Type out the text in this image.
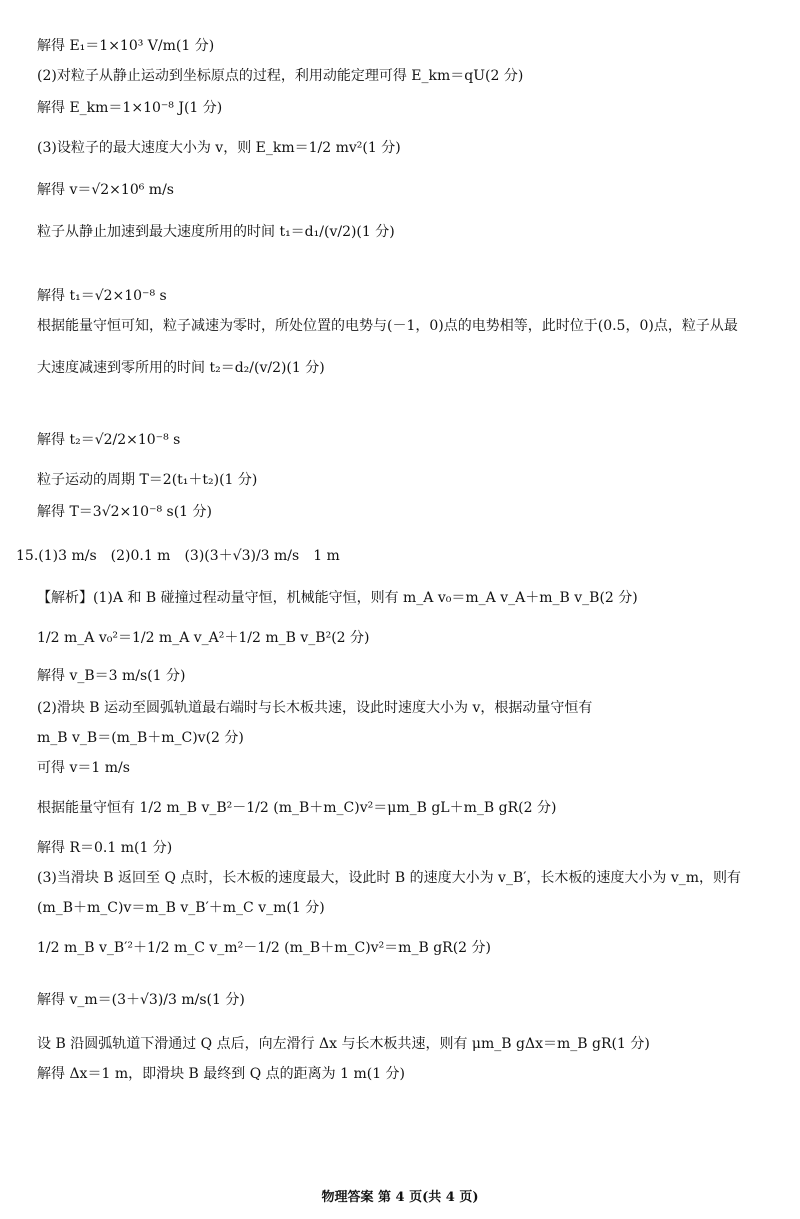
解得 E₁＝1×10³ V/m(1 分)
(2)对粒子从静止运动到坐标原点的过程，利用动能定理可得 E_km＝qU(2 分)
解得 E_km＝1×10⁻⁸ J(1 分)
(3)设粒子的最大速度大小为 v，则 E_km＝1/2 mv²(1 分)
解得 v＝√2×10⁶ m/s
粒子从静止加速到最大速度所用的时间 t₁＝d₁/(v/2)(1 分)
解得 t₁＝√2×10⁻⁸ s
根据能量守恒可知，粒子减速为零时，所处位置的电势与(－1，0)点的电势相等，此时位于(0.5，0)点，粒子从最
大速度减速到零所用的时间 t₂＝d₂/(v/2)(1 分)
解得 t₂＝√2/2×10⁻⁸ s
粒子运动的周期 T＝2(t₁＋t₂)(1 分)
解得 T＝3√2×10⁻⁸ s(1 分)
15.(1)3 m/s　(2)0.1 m　(3)(3＋√3)/3 m/s　1 m
【解析】(1)A 和 B 碰撞过程动量守恒，机械能守恒，则有 m_A v₀＝m_A v_A＋m_B v_B(2 分)
1/2 m_A v₀²＝1/2 m_A v_A²＋1/2 m_B v_B²(2 分)
解得 v_B＝3 m/s(1 分)
(2)滑块 B 运动至圆弧轨道最右端时与长木板共速，设此时速度大小为 v，根据动量守恒有
m_B v_B＝(m_B＋m_C)v(2 分)
可得 v＝1 m/s
根据能量守恒有 1/2 m_B v_B²－1/2 (m_B＋m_C)v²＝μm_B gL＋m_B gR(2 分)
解得 R＝0.1 m(1 分)
(3)当滑块 B 返回至 Q 点时，长木板的速度最大，设此时 B 的速度大小为 v_B′，长木板的速度大小为 v_m，则有
(m_B＋m_C)v＝m_B v_B′＋m_C v_m(1 分)
1/2 m_B v_B′²＋1/2 m_C v_m²－1/2 (m_B＋m_C)v²＝m_B gR(2 分)
解得 v_m＝(3＋√3)/3 m/s(1 分)
设 B 沿圆弧轨道下滑通过 Q 点后，向左滑行 Δx 与长木板共速，则有 μm_B gΔx＝m_B gR(1 分)
解得 Δx＝1 m，即滑块 B 最终到 Q 点的距离为 1 m(1 分)
物理答案 第 4 页(共 4 页)
